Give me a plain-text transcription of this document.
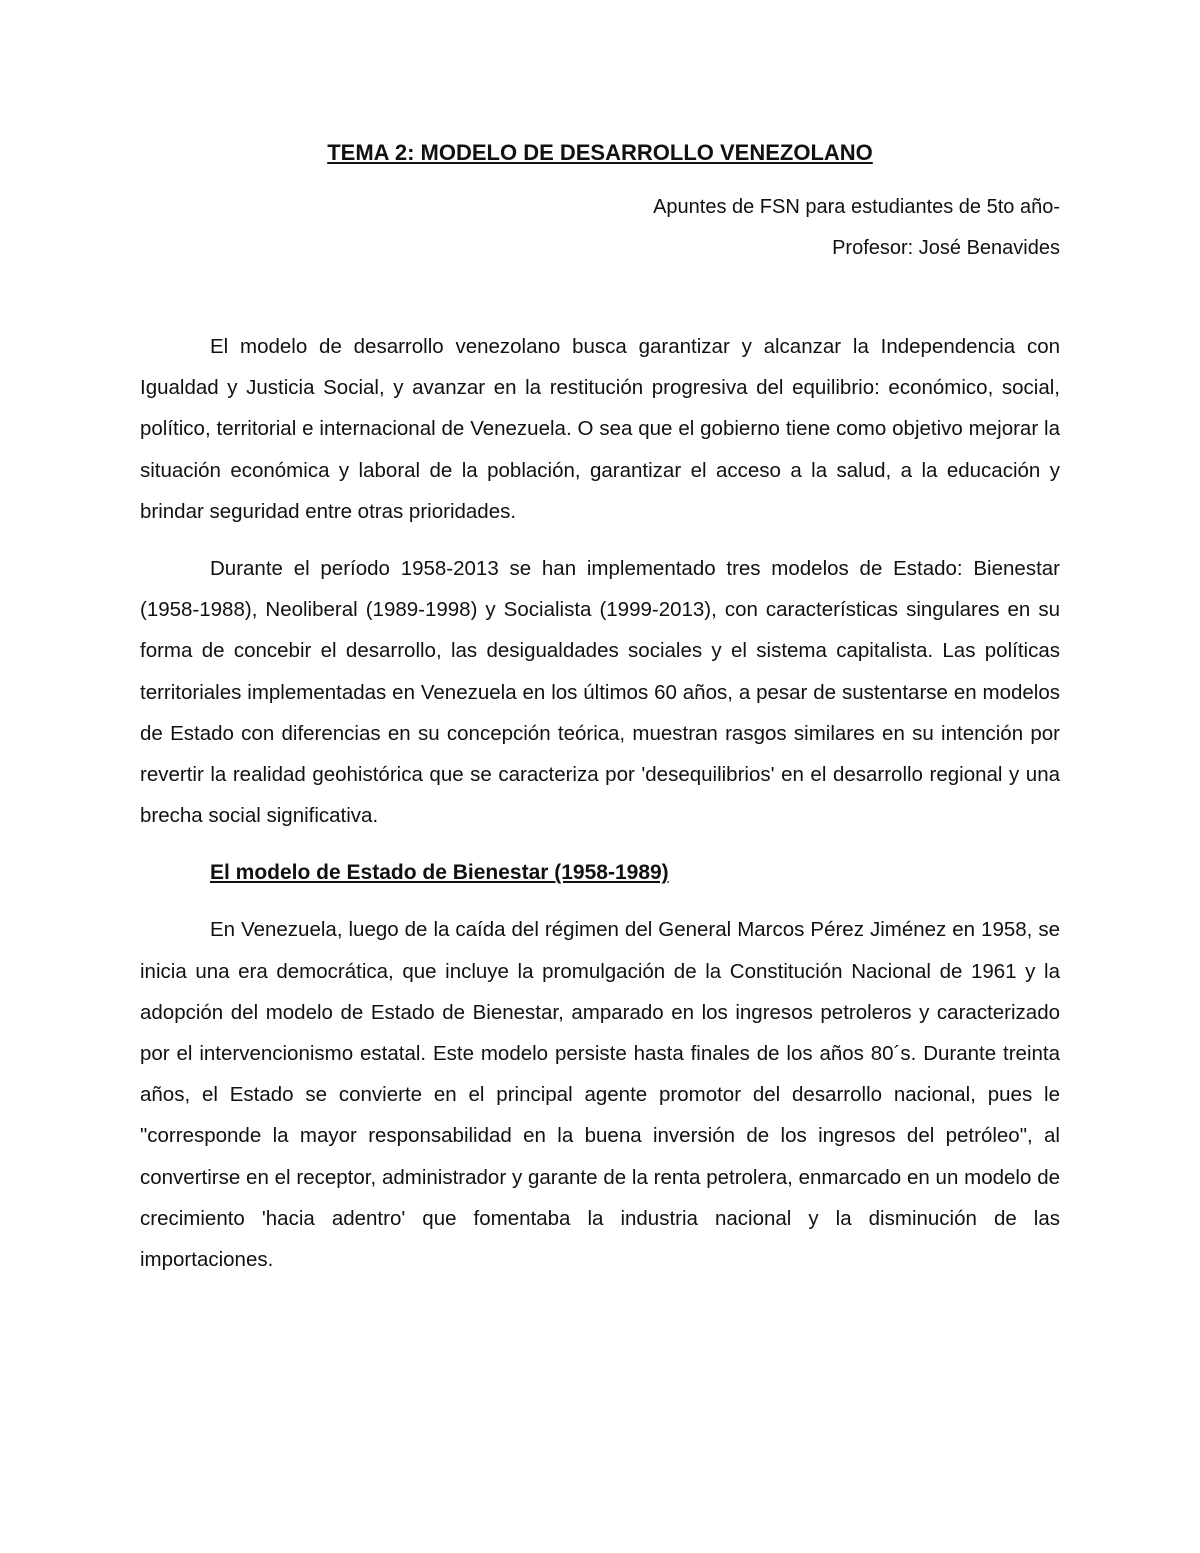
TEMA 2: MODELO DE DESARROLLO VENEZOLANO

Apuntes de FSN para estudiantes de 5to año-

Profesor: José Benavides

El modelo de desarrollo venezolano busca garantizar y alcanzar la Independencia con Igualdad y Justicia Social, y avanzar en la restitución progresiva del equilibrio: económico, social, político, territorial e internacional de Venezuela. O sea que el gobierno tiene como objetivo mejorar la situación económica y laboral de la población, garantizar el acceso a la salud, a la educación y brindar seguridad entre otras prioridades.

Durante el período 1958-2013 se han implementado tres modelos de Estado: Bienestar (1958-1988), Neoliberal (1989-1998) y Socialista (1999-2013), con características singulares en su forma de concebir el desarrollo, las desigualdades sociales y el sistema capitalista. Las políticas territoriales implementadas en Venezuela en los últimos 60 años, a pesar de sustentarse en modelos de Estado con diferencias en su concepción teórica, muestran rasgos similares en su intención por revertir la realidad geohistórica que se caracteriza por 'desequilibrios' en el desarrollo regional y una brecha social significativa.

El modelo de Estado de Bienestar (1958-1989)

En Venezuela, luego de la caída del régimen del General Marcos Pérez Jiménez en 1958, se inicia una era democrática, que incluye la promulgación de la Constitución Nacional de 1961 y la adopción del modelo de Estado de Bienestar, amparado en los ingresos petroleros y caracterizado por el intervencionismo estatal. Este modelo persiste hasta finales de los años 80´s. Durante treinta años, el Estado se convierte en el principal agente promotor del desarrollo nacional, pues le "corresponde la mayor responsabilidad en la buena inversión de los ingresos del petróleo", al convertirse en el receptor, administrador y garante de la renta petrolera, enmarcado en un modelo de crecimiento 'hacia adentro' que fomentaba la industria nacional y la disminución de las importaciones.
